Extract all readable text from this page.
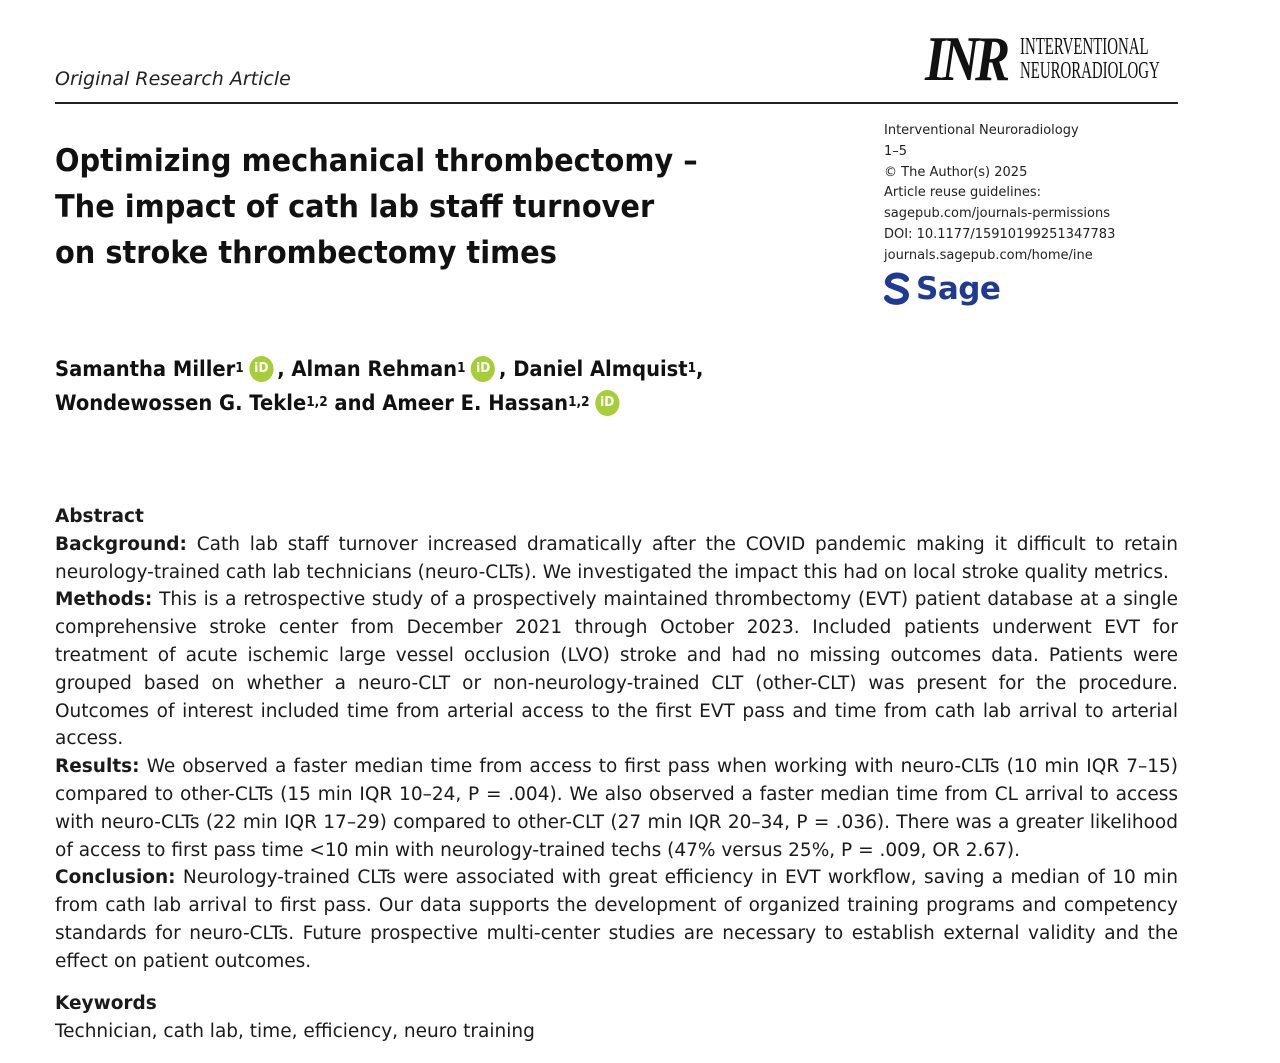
Original Research Article	INR INTERVENTIONAL
NEURORADIOLOGY
Optimizing mechanical thrombectomy –
The impact of cath lab staff turnover
on stroke thrombectomy times
Interventional Neuroradiology
1–5
© The Author(s) 2025
Article reuse guidelines:
sagepub.com/journals-permissions
DOI: 10.1177/15910199251347783
journals.sagepub.com/home/ine
Sage
Samantha Miller 1 iD , Alman Rehman 1 iD , Daniel Almquist 1 ,
Wondewossen G. Tekle 1,2
and
Ameer E. Hassan 1,2 iD
Abstract

Background: Cath lab staff turnover increased dramatically after the COVID pandemic making it difficult to retain neurology-trained cath lab technicians (neuro-CLTs). We investigated the impact this had on local stroke quality metrics.

Methods: This is a retrospective study of a prospectively maintained thrombectomy (EVT) patient database at a single comprehensive stroke center from December 2021 through October 2023. Included patients underwent EVT for treatment of acute ischemic large vessel occlusion (LVO) stroke and had no missing outcomes data. Patients were grouped based on whether a neuro-CLT or non-neurology-trained CLT (other-CLT) was present for the procedure. Outcomes of interest included time from arterial access to the first EVT pass and time from cath lab arrival to arterial access.

Results: We observed a faster median time from access to first pass when working with neuro-CLTs (10 min IQR 7–15) compared to other-CLTs (15 min IQR 10–24, P = .004). We also observed a faster median time from CL arrival to access with neuro-CLTs (22 min IQR 17–29) compared to other-CLT (27 min IQR 20–34, P = .036). There was a greater likelihood of access to first pass time <10 min with neurology-trained techs (47% versus 25%, P = .009, OR 2.67).

Conclusion: Neurology-trained CLTs were associated with great efficiency in EVT workflow, saving a median of 10 min from cath lab arrival to first pass. Our data supports the development of organized training programs and competency standards for neuro-CLTs. Future prospective multi-center studies are necessary to establish external validity and the effect on patient outcomes.

Keywords
Technician, cath lab, time, efficiency, neuro training
